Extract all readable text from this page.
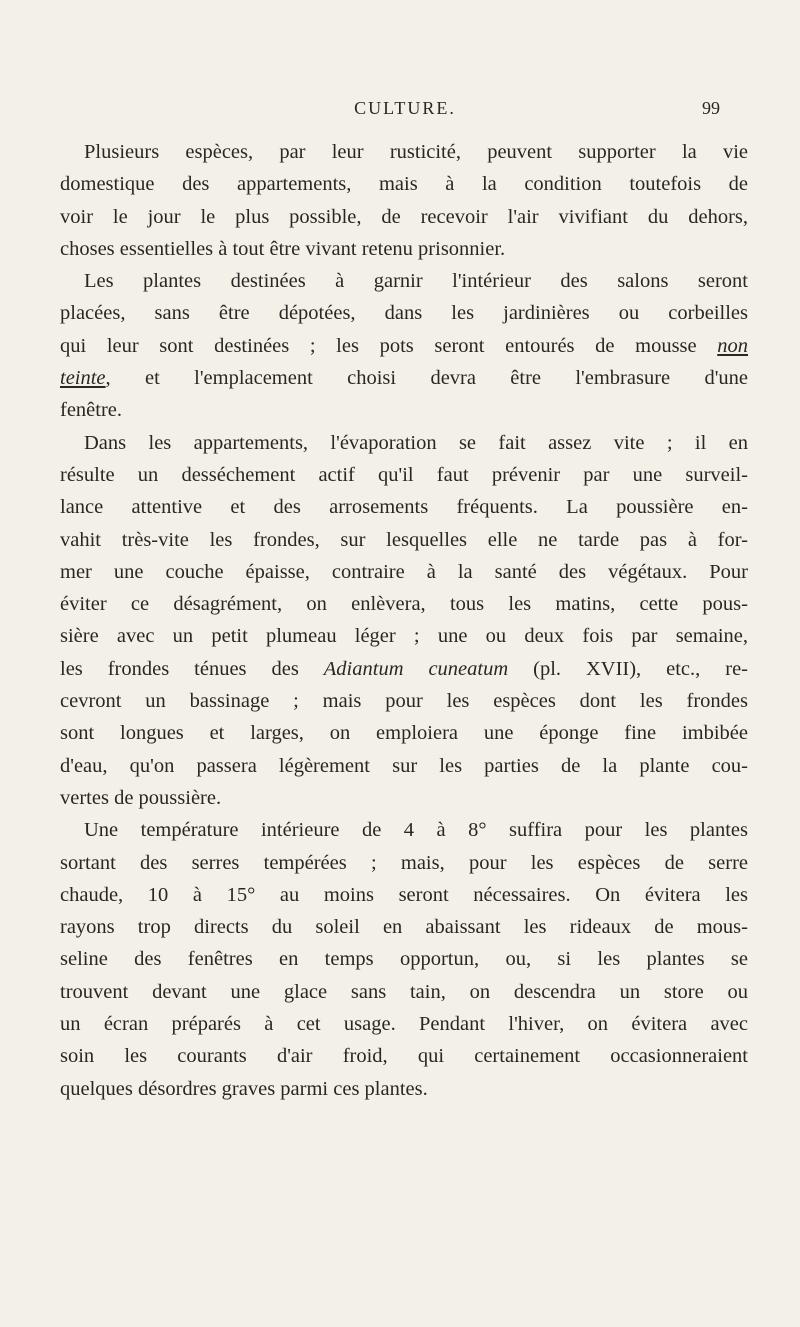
CULTURE.	99

Plusieurs espèces, par leur rusticité, peuvent supporter la vie
domestique des appartements, mais à la condition toutefois de
voir le jour le plus possible, de recevoir l'air vivifiant du dehors,
choses essentielles à tout être vivant retenu prisonnier.

Les plantes destinées à garnir l'intérieur des salons seront
placées, sans être dépotées, dans les jardinières ou corbeilles
qui leur sont destinées ; les pots seront entourés de mousse non
teinte, et l'emplacement choisi devra être l'embrasure d'une
fenêtre.

Dans les appartements, l'évaporation se fait assez vite ; il en
résulte un desséchement actif qu'il faut prévenir par une surveil-
lance attentive et des arrosements fréquents. La poussière en-
vahit très-vite les frondes, sur lesquelles elle ne tarde pas à for-
mer une couche épaisse, contraire à la santé des végétaux. Pour
éviter ce désagrément, on enlèvera, tous les matins, cette pous-
sière avec un petit plumeau léger ; une ou deux fois par semaine,
les frondes ténues des Adiantum cuneatum (pl. XVII), etc., re-
cevront un bassinage ; mais pour les espèces dont les frondes
sont longues et larges, on emploiera une éponge fine imbibée
d'eau, qu'on passera légèrement sur les parties de la plante cou-
vertes de poussière.

Une température intérieure de 4 à 8° suffira pour les plantes
sortant des serres tempérées ; mais, pour les espèces de serre
chaude, 10 à 15° au moins seront nécessaires. On évitera les
rayons trop directs du soleil en abaissant les rideaux de mous-
seline des fenêtres en temps opportun, ou, si les plantes se
trouvent devant une glace sans tain, on descendra un store ou
un écran préparés à cet usage. Pendant l'hiver, on évitera avec
soin les courants d'air froid, qui certainement occasionneraient
quelques désordres graves parmi ces plantes.
